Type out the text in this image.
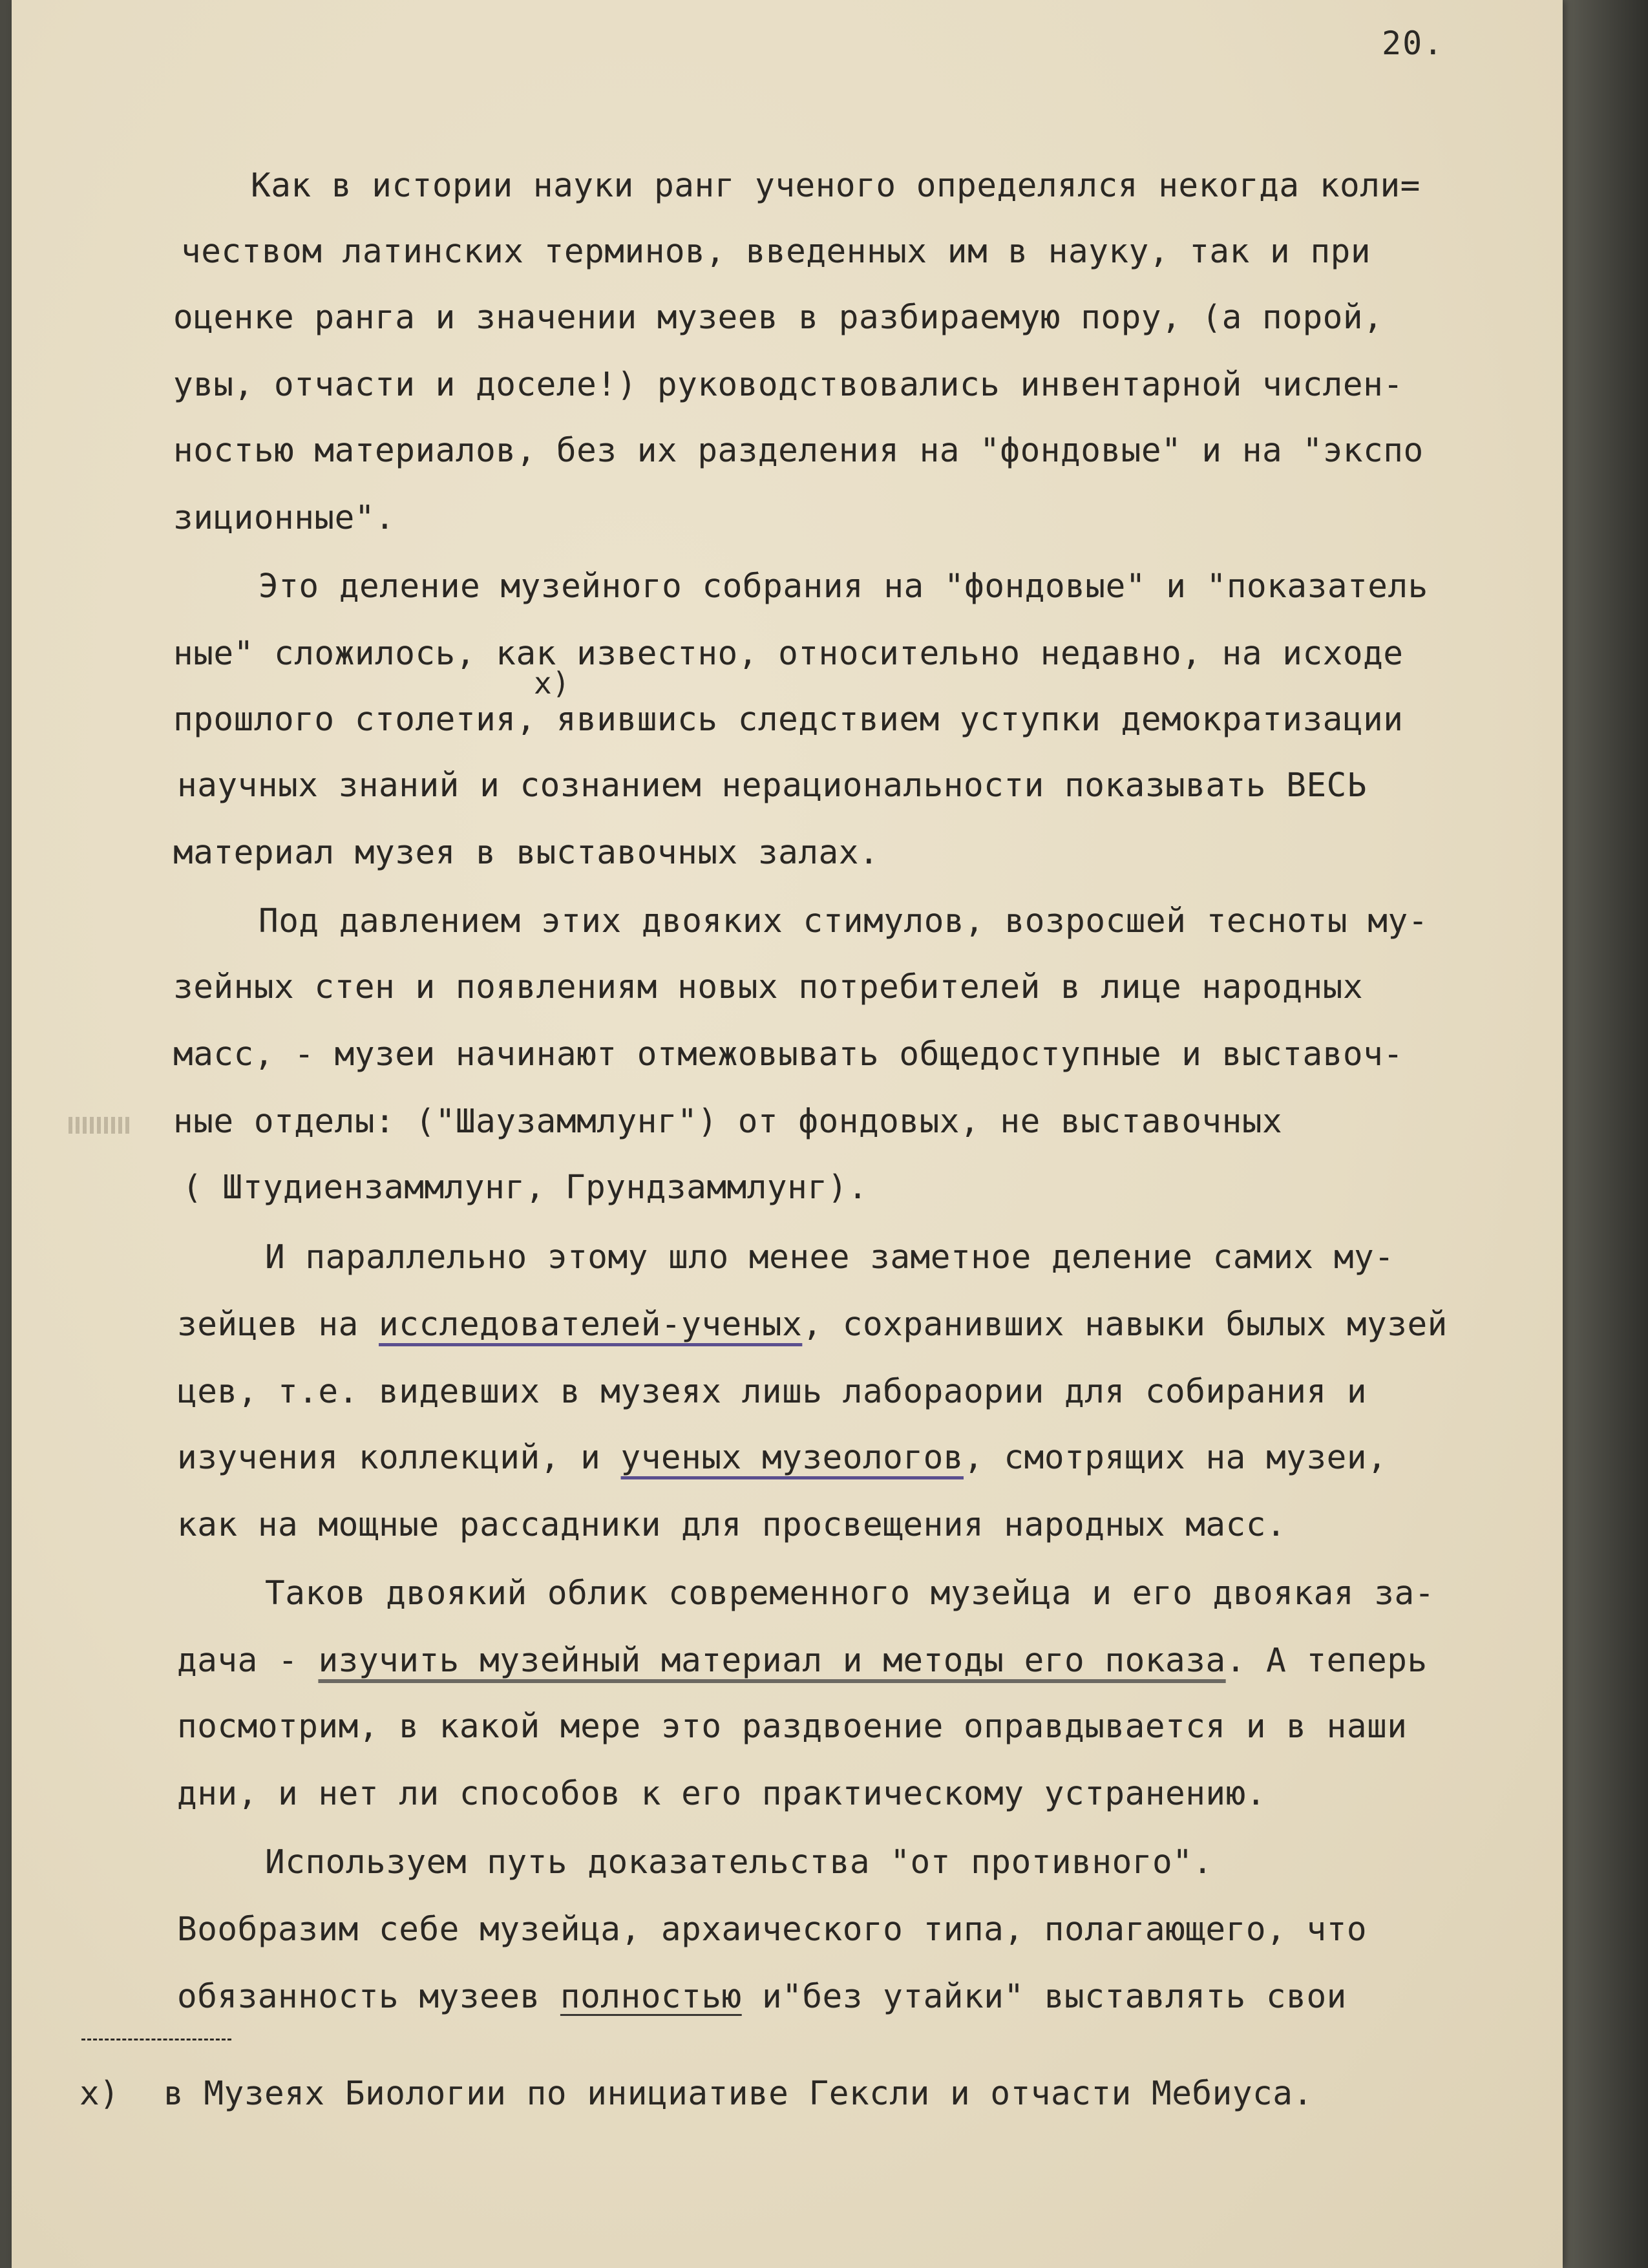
20.
Как в истории науки ранг ученого определялся некогда коли=
чеством латинских терминов, введенных им в науку, так и при
оценке ранга и значении музеев в разбираемую пору, (а порой,
увы, отчасти и доселе!) руководствовались инвентарной числен-
ностью материалов, без их разделения на "фондовые" и на "экспо
зиционные".
Это деление музейного собрания на "фондовые" и "показатель
ные" сложилось, как известно, относительно недавно, на исходе
x)
прошлого столетия, явившись следствием уступки демократизации
научных знаний и сознанием нерациональности показывать ВЕСЬ
материал музея в выставочных залах.
Под давлением этих двояких стимулов, возросшей тесноты му-
зейных стен и появлениям новых потребителей в лице народных
масс, - музеи начинают отмежовывать общедоступные и выставоч-
ные отделы: ("Шаузаммлунг") от фондовых, не выставочных
( Штудиензаммлунг, Грундзаммлунг).
И параллельно этому шло менее заметное деление самих му-
зейцев на исследователей-ученых, сохранивших навыки былых музей
цев, т.е. видевших в музеях лишь лабораории для собирания и
изучения коллекций, и ученых музеологов, смотрящих на музеи,
как на мощные рассадники для просвещения народных масс.
Таков двоякий облик современного музейца и его двоякая за-
дача - изучить музейный материал и методы его показа. А теперь
посмотрим, в какой мере это раздвоение оправдывается и в наши
дни, и нет ли способов к его практическому устранению.
Используем путь доказательства "от противного".
Вообразим себе музейца, архаического типа, полагающего, что
обязанность музеев полностью и"без утайки" выставлять свои
x) в Музеях Биологии по инициативе Гексли и отчасти Мебиуса.
